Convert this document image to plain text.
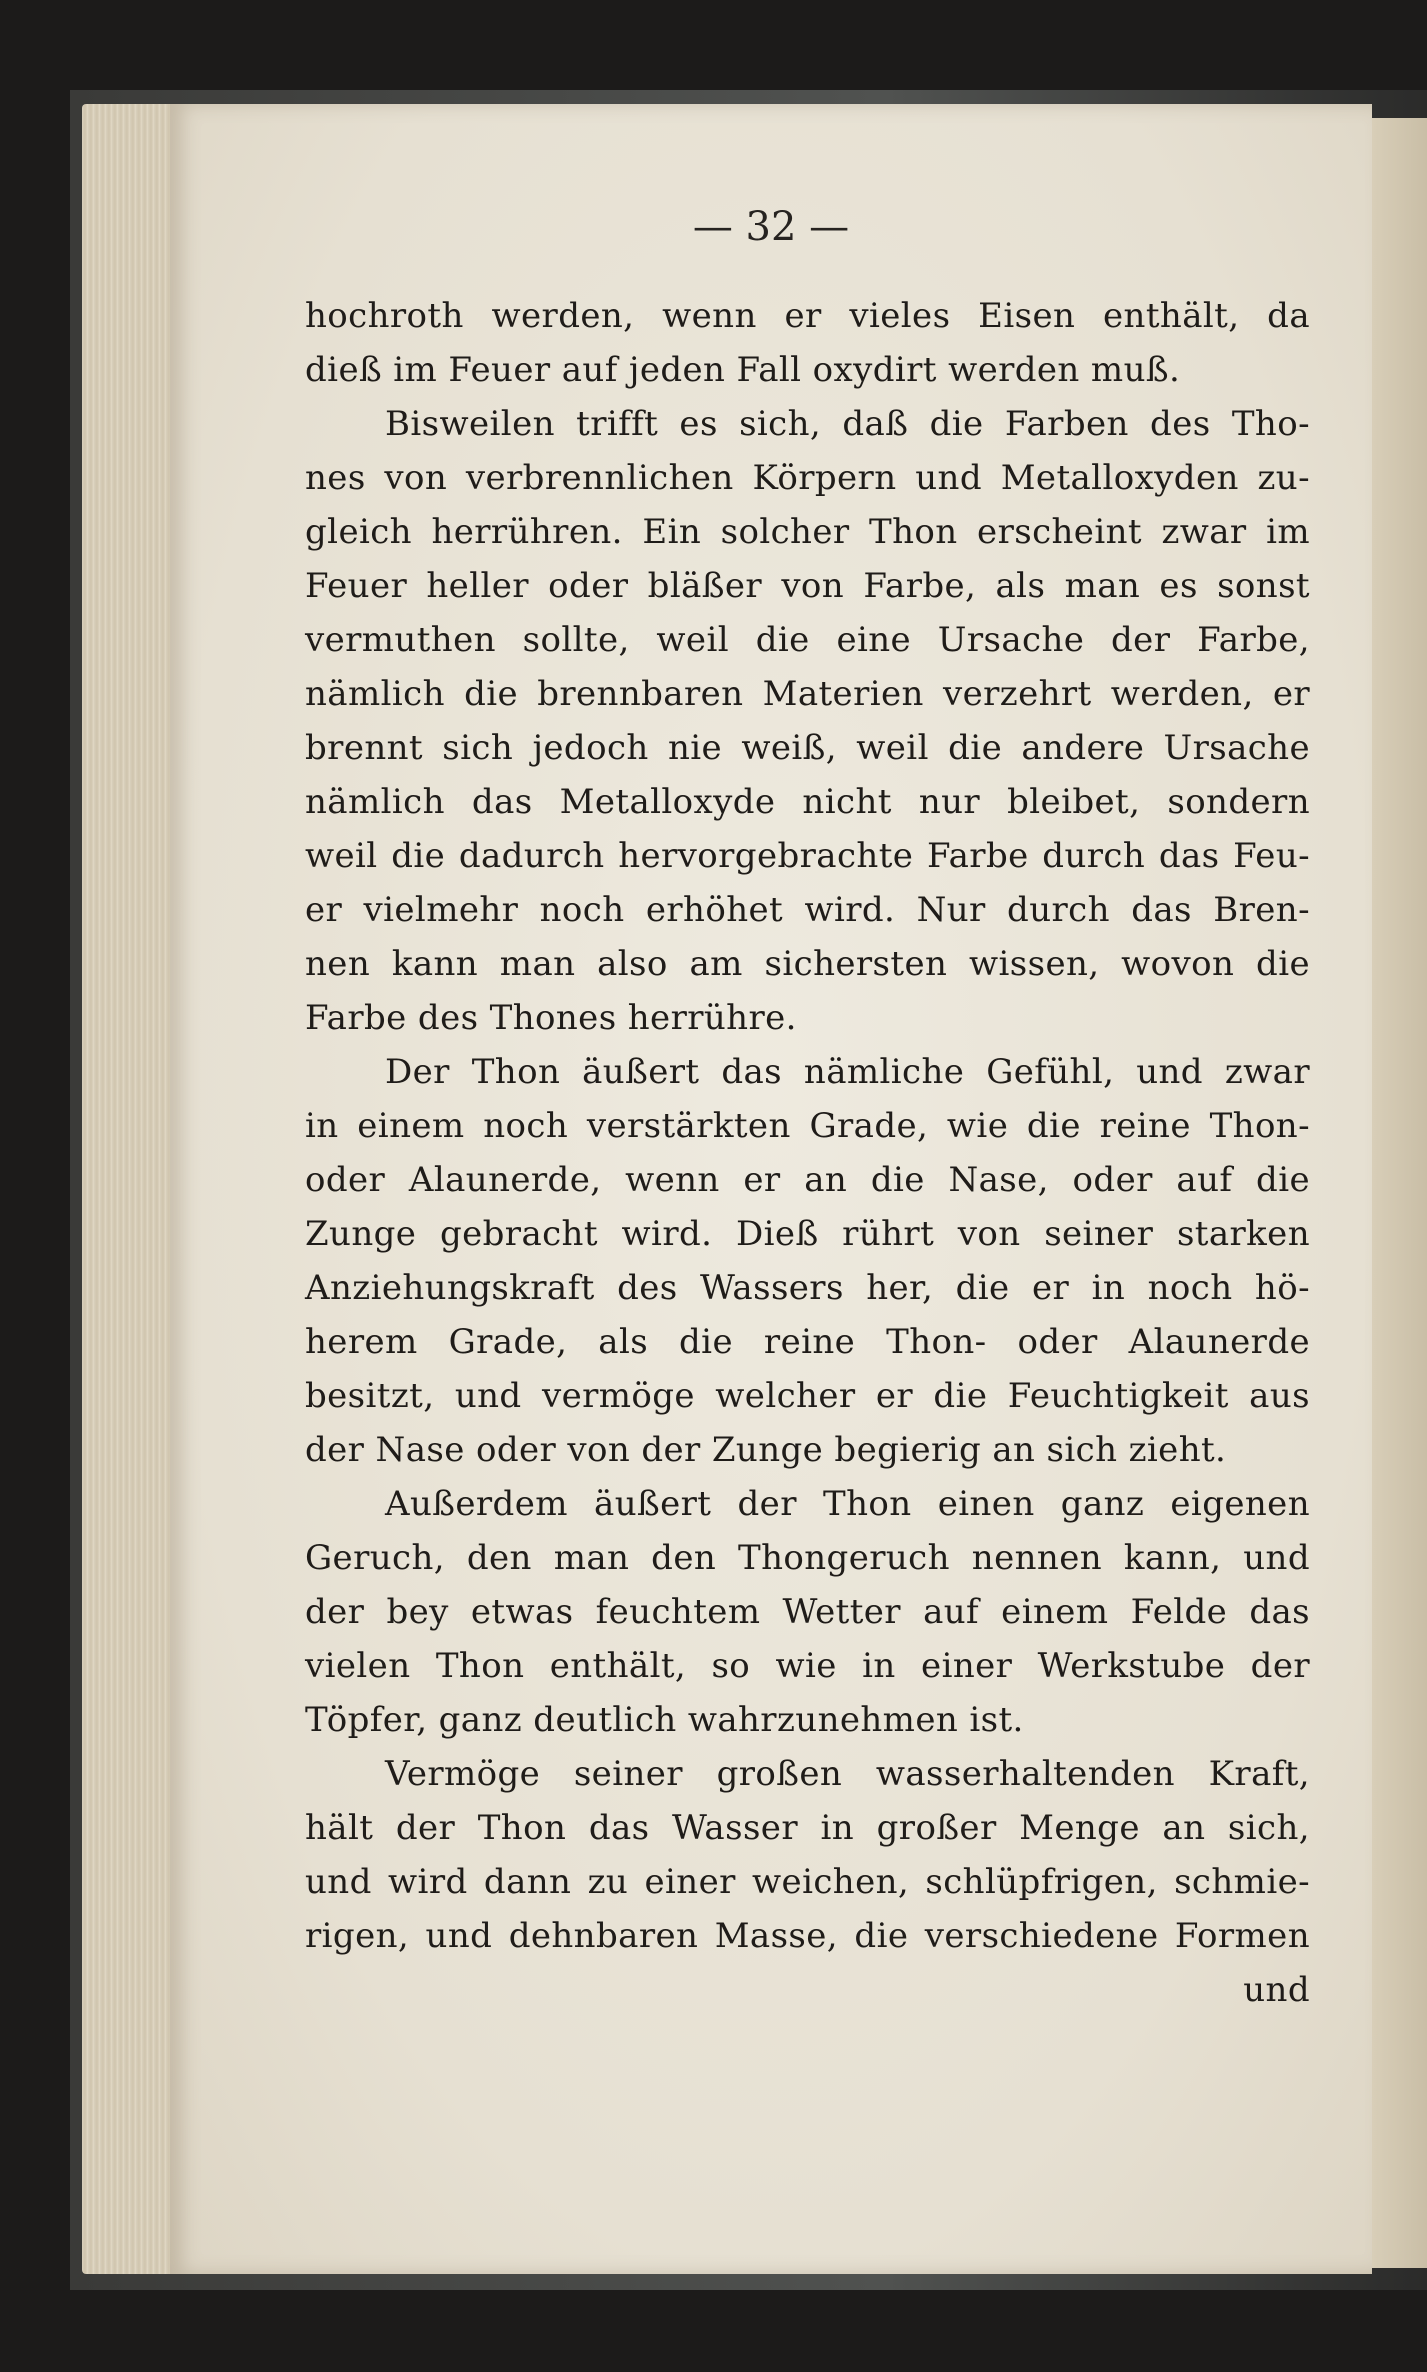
— 32 —
hochroth werden, wenn er vieles Eisen enthält, da
dieß im Feuer auf jeden Fall oxydirt werden muß.
Bisweilen trifft es sich, daß die Farben des Tho-
nes von verbrennlichen Körpern und Metalloxyden zu-
gleich herrühren. Ein solcher Thon erscheint zwar im
Feuer heller oder bläßer von Farbe, als man es sonst
vermuthen sollte, weil die eine Ursache der Farbe,
nämlich die brennbaren Materien verzehrt werden, er
brennt sich jedoch nie weiß, weil die andere Ursache
nämlich das Metalloxyde nicht nur bleibet, sondern
weil die dadurch hervorgebrachte Farbe durch das Feu-
er vielmehr noch erhöhet wird. Nur durch das Bren-
nen kann man also am sichersten wissen, wovon die
Farbe des Thones herrühre.
Der Thon äußert das nämliche Gefühl, und zwar
in einem noch verstärkten Grade, wie die reine Thon-
oder Alaunerde, wenn er an die Nase, oder auf die
Zunge gebracht wird. Dieß rührt von seiner starken
Anziehungskraft des Wassers her, die er in noch hö-
herem Grade, als die reine Thon- oder Alaunerde
besitzt, und vermöge welcher er die Feuchtigkeit aus
der Nase oder von der Zunge begierig an sich zieht.
Außerdem äußert der Thon einen ganz eigenen
Geruch, den man den Thongeruch nennen kann, und
der bey etwas feuchtem Wetter auf einem Felde das
vielen Thon enthält, so wie in einer Werkstube der
Töpfer, ganz deutlich wahrzunehmen ist.
Vermöge seiner großen wasserhaltenden Kraft,
hält der Thon das Wasser in großer Menge an sich,
und wird dann zu einer weichen, schlüpfrigen, schmie-
rigen, und dehnbaren Masse, die verschiedene Formen
und
